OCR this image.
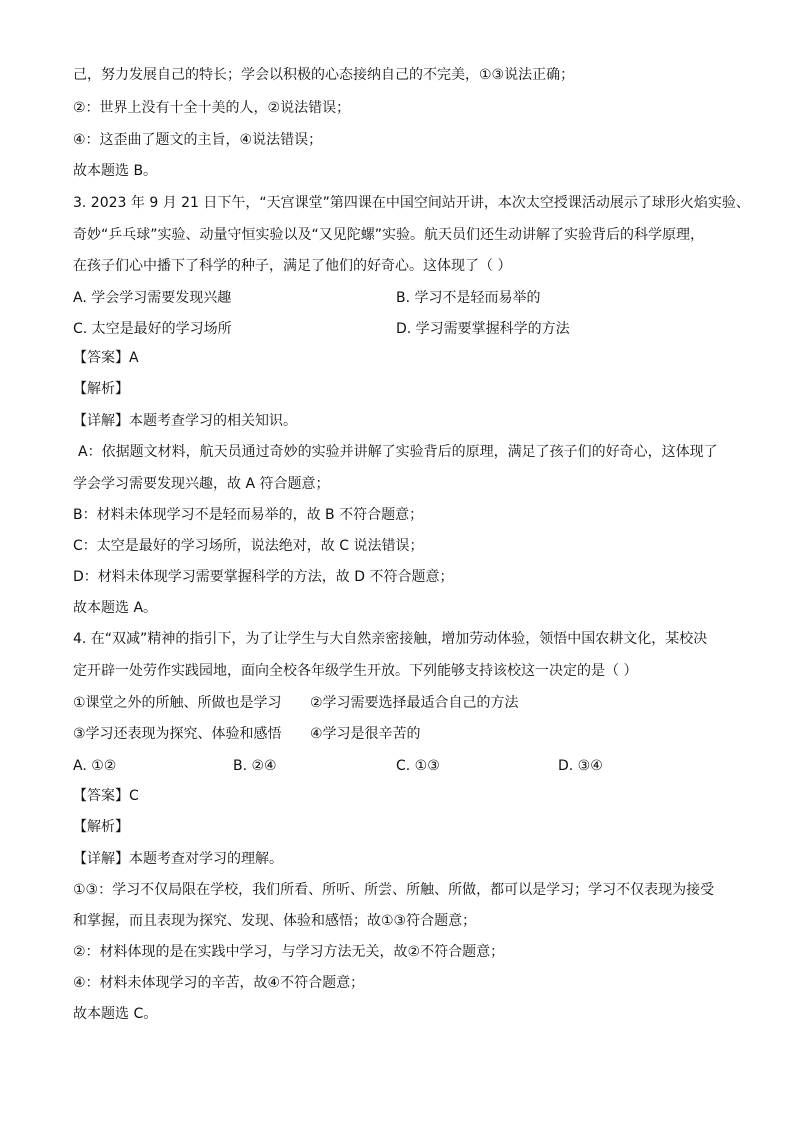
己，努力发展自己的特长；学会以积极的心态接纳自己的不完美，①③说法正确；
②：世界上没有十全十美的人，②说法错误；
④：这歪曲了题文的主旨，④说法错误；
故本题选 B。
3. 2023 年 9 月 21 日下午，“天宫课堂”第四课在中国空间站开讲，本次太空授课活动展示了球形火焰实验、
奇妙“乒乓球”实验、动量守恒实验以及“又见陀螺”实验。航天员们还生动讲解了实验背后的科学原理，
在孩子们心中播下了科学的种子，满足了他们的好奇心。这体现了（ ）
A. 学会学习需要发现兴趣	B. 学习不是轻而易举的
C. 太空是最好的学习场所	D. 学习需要掌握科学的方法
【答案】A
【解析】
【详解】本题考查学习的相关知识。
A：依据题文材料，航天员通过奇妙的实验并讲解了实验背后的原理，满足了孩子们的好奇心，这体现了
学会学习需要发现兴趣，故 A 符合题意；
B：材料未体现学习不是轻而易举的，故 B 不符合题意；
C：太空是最好的学习场所，说法绝对，故 C 说法错误；
D：材料未体现学习需要掌握科学的方法，故 D 不符合题意；
故本题选 A。
4. 在“双减”精神的指引下，为了让学生与大自然亲密接触，增加劳动体验，领悟中国农耕文化，某校决
定开辟一处劳作实践园地，面向全校各年级学生开放。下列能够支持该校这一决定的是（ ）
①课堂之外的所触、所做也是学习 ②学习需要选择最适合自己的方法
③学习还表现为探究、体验和感悟 ④学习是很辛苦的
A. ①②	B. ②④	C. ①③	D. ③④
【答案】C
【解析】
【详解】本题考查对学习的理解。
①③：学习不仅局限在学校，我们所看、所听、所尝、所触、所做，都可以是学习；学习不仅表现为接受
和掌握，而且表现为探究、发现、体验和感悟；故①③符合题意；
②：材料体现的是在实践中学习，与学习方法无关，故②不符合题意；
④：材料未体现学习的辛苦，故④不符合题意；
故本题选 C。
